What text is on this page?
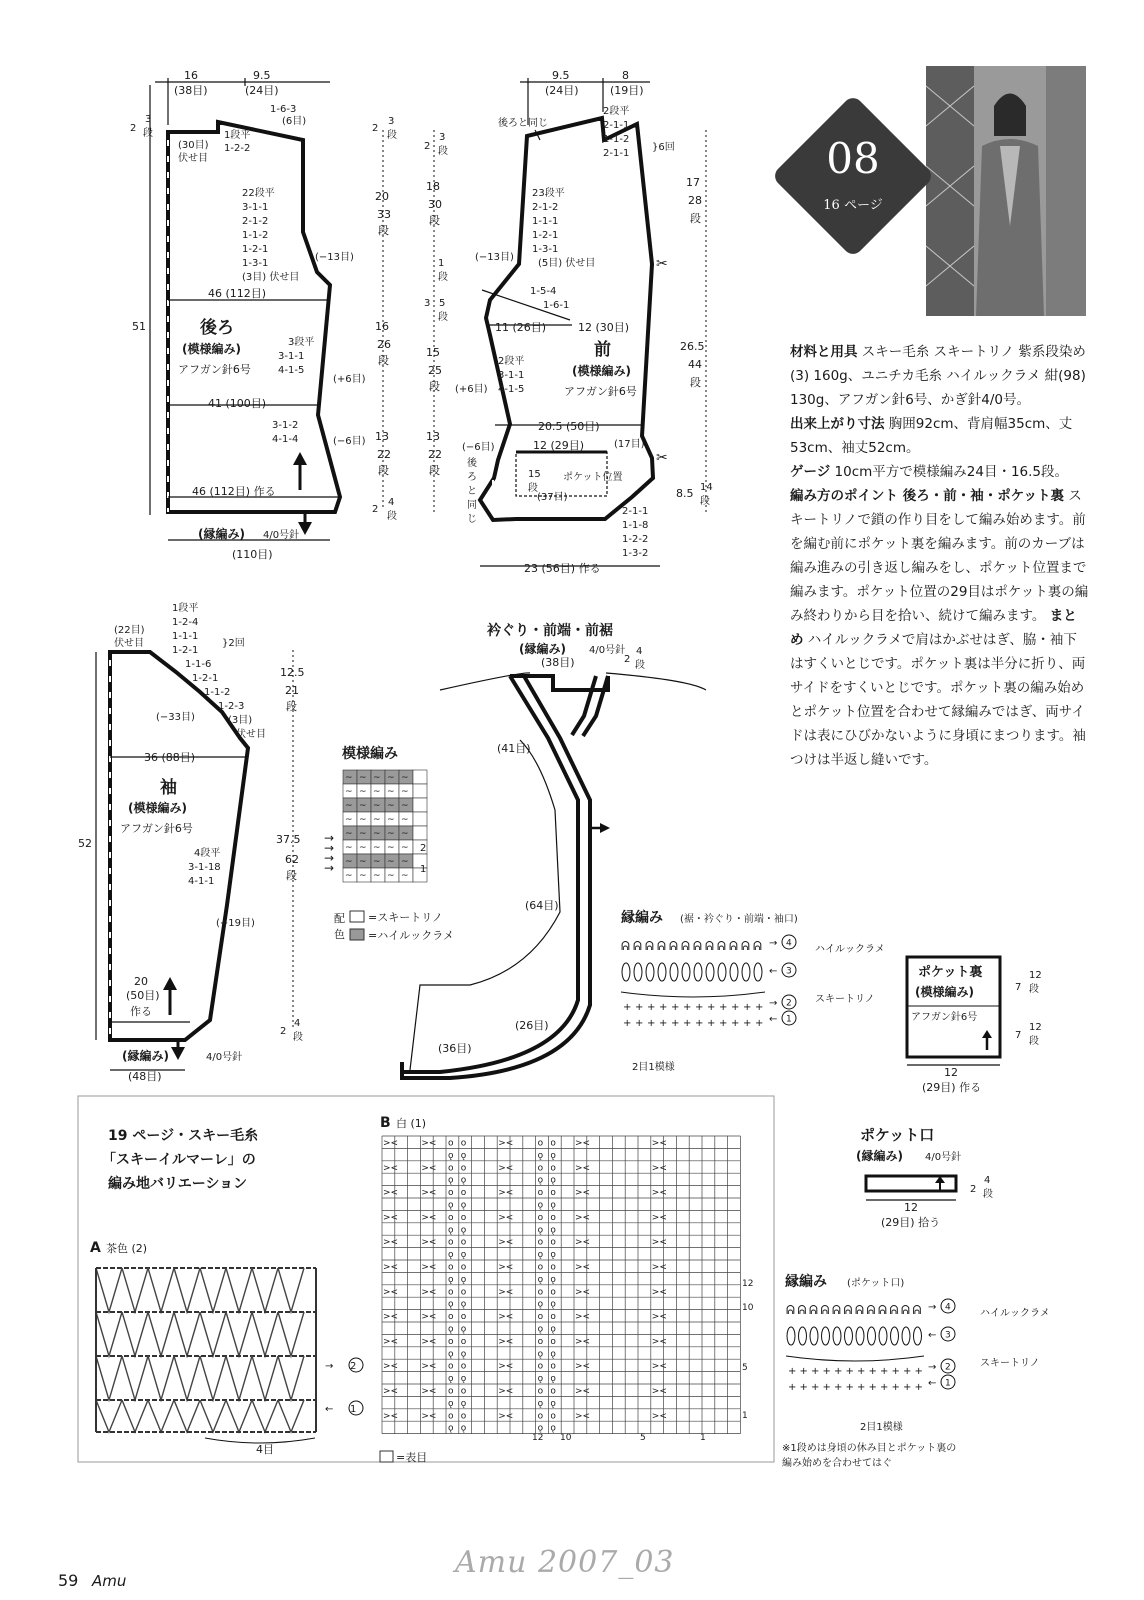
08
16 ページ
16
(38目)
9.5
(24目)
1-6-3
(6目)
2
3
段
(30目)
伏せ目
1段平
1-2-2
22段平
3-1-1
2-1-2
1-1-2
1-2-1
1-3-1
(3目) 伏せ目
(−13目)
46 (112目)
51	後ろ
(模様編み)
アフガン針6号
3段平
3-1-1
4-1-5
(+6目)
41 (100目)
3-1-2
4-1-4	(−6目)
46 (112目) 作る
(縁編み) 4/0号針
(110目)
2
3
段
20
33
段
16
26
段
13
22
段
2
4
段
✂
✂
9.5
(24目)
8
(19目)
後ろと同じ
2段平
2-1-1
1-1-2
2-1-1
}6回
23段平
2-1-2
1-1-1
1-2-1
1-3-1
(5目) 伏せ目
(−13目)
1-5-4
1-6-1
11 (26目)	12 (30目)
前
(模様編み)
アフガン針6号
2段平
3-1-1
4-1-5
(+6目)
20.5 (50目)
12 (29目)	(17目)
(−6目)
ポケット位置
15
段
(37目)
後
ろ
と
同
じ
2-1-1
1-1-8
1-2-2
1-3-2
23 (56目) 作る
2
3
段
18
30
段
1
段
3 5
段
15
25
段
13
22
段
17
28
段
26.5
44
段
8.5 14
段
1段平
1-2-4
1-1-1
1-2-1
1-1-6
1-2-1
1-1-2
1-2-3
(3目)
伏せ目
}2回
(22目)
伏せ目
(−33目)
36 (88目)
袖
(模様編み)
アフガン針6号
4段平
3-1-18
4-1-1
(+19目)
52
20
(50目)
作る
(縁編み)	4/0号針
(48目)
12.5
21
段
37.5
62
段
2
4
段
模様編み
~ ~ ~ ~ ~
~ ~ ~ ~ ~
~ ~ ~ ~ ~
~ ~ ~ ~ ~
~ ~ ~ ~ ~
~ ~ ~ ~ ~
~ ~ ~ ~ ~
~ ~ ~ ~ ~
2
1
→
→
→
→
配
色
=スキートリノ
=ハイルックラメ
衿ぐり・前端・前裾
(縁編み) 4/0号針
(38目)
(41目)
(64目)
(26目)
(36目)
2
4
段
縁編み (裾・衿ぐり・前端・袖口)
ᕱ
+
+
ᕱ
+
+
ᕱ
+
+
ᕱ
+
+
ᕱ
+
+
ᕱ
+
+
ᕱ
+
+
ᕱ
+
+
ᕱ
+
+
ᕱ
+
+
ᕱ
+
+
ᕱ
+
+
4
→
3
←
2
→
1
←
ハイルックラメ
スキートリノ
2目1模様
ポケット裏
(模様編み)
アフガン針6号
12
(29目) 作る
7
12
段
7
12
段
ポケット口
(縁編み) 4/0号針
12
(29目) 拾う
2
4
段
縁編み (ポケット口)
ᕱ
+
+
ᕱ
+
+
ᕱ
+
+
ᕱ
+
+
ᕱ
+
+
ᕱ
+
+
ᕱ
+
+
ᕱ
+
+
ᕱ
+
+
ᕱ
+
+
ᕱ
+
+
ᕱ
+
+
4
→
3
←
2
→
1
←
ハイルックラメ
スキートリノ
2目1模様
※1段めは身頃の休み目とポケット裏の
編み始めを合わせてはぐ
19 ページ・スキー毛糸
「スキーイルマーレ」の
編み地バリエーション
A 茶色 (2)
→
←
4目
2
1
B 白 (1)
><	><	><	><	><
o o	o o
ǫ ǫ	ǫ ǫ
><	><	><	><	><
o o	o o
ǫ ǫ	ǫ ǫ
><	><	><	><	><
o o	o o
ǫ ǫ	ǫ ǫ
><	><	><	><	><
o o	o o
ǫ ǫ	ǫ ǫ
><	><	><	><	><
o o	o o
ǫ ǫ	ǫ ǫ
><	><	><	><	><
o o	o o
ǫ ǫ	ǫ ǫ
><	><	><	><	><
o o	o o
ǫ ǫ	ǫ ǫ
><	><	><	><	><
o o	o o
ǫ ǫ	ǫ ǫ
><	><	><	><	><
o o	o o
ǫ ǫ	ǫ ǫ
><	><	><	><	><
o o	o o
ǫ ǫ	ǫ ǫ
><	><	><	><	><
o o	o o
ǫ ǫ	ǫ ǫ
><	><	><	><	><
o o	o o
ǫ ǫ	ǫ ǫ
12
10
5
1
12 10	5	1
=表目
59 Amu

材料と用具 スキー毛糸 スキートリノ 紫系段染め(3) 160g、ユニチカ毛糸 ハイルックラメ 紺(98) 130g、アフガン針6号、かぎ針4/0号。

出来上がり寸法 胸囲92cm、背肩幅35cm、丈53cm、袖丈52cm。

ゲージ 10cm平方で模様編み24目・16.5段。

編み方のポイント 後ろ・前・袖・ポケット裏 スキートリノで鎖の作り目をして編み始めます。前を編む前にポケット裏を編みます。前のカーブは編み進みの引き返し編みをし、ポケット位置まで編みます。ポケット位置の29目はポケット裏の編み終わりから目を拾い、続けて編みます。 まとめ ハイルックラメで肩はかぶせはぎ、脇・袖下はすくいとじです。ポケット裏は半分に折り、両サイドをすくいとじです。ポケット裏の編み始めとポケット位置を合わせて縁編みではぎ、両サイドは表にひびかないように身頃にまつります。袖つけは半返し縫いです。

Amu 2007_03
